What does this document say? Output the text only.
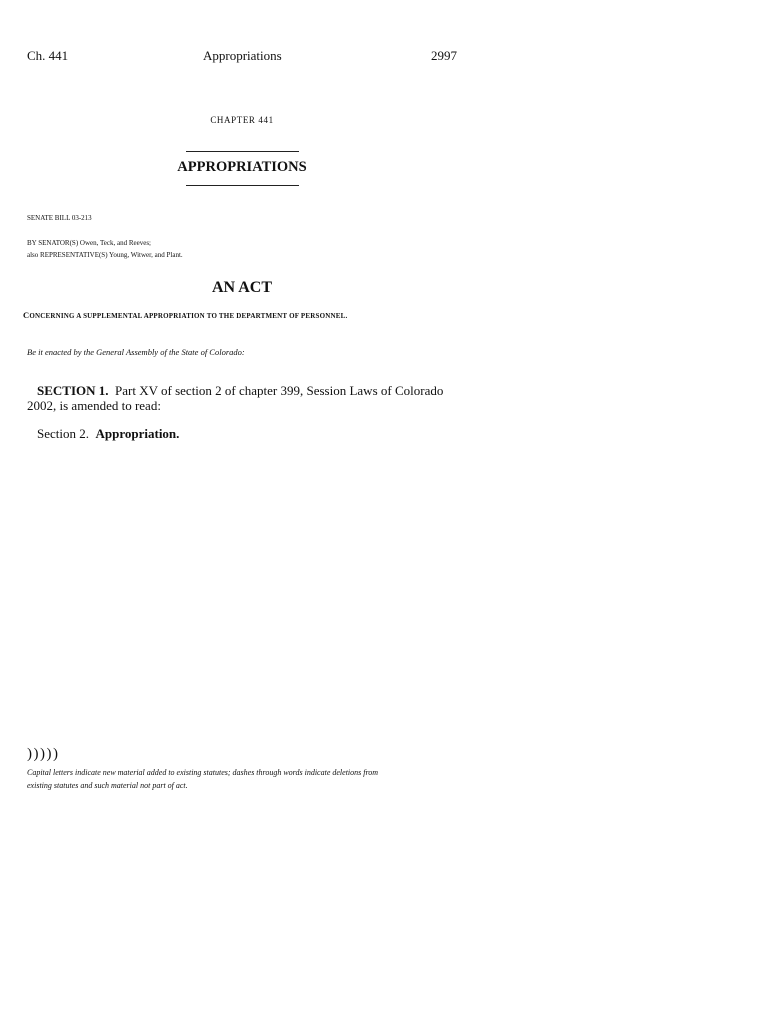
Ch. 441	Appropriations	2997
CHAPTER 441
APPROPRIATIONS
SENATE BILL 03-213
BY SENATOR(S) Owen, Teck, and Reeves;
also REPRESENTATIVE(S) Young, Witwer, and Plant.
AN ACT
CONCERNING A SUPPLEMENTAL APPROPRIATION TO THE DEPARTMENT OF PERSONNEL.
Be it enacted by the General Assembly of the State of Colorado:
SECTION 1. Part XV of section 2 of chapter 399, Session Laws of Colorado
2002, is amended to read:
Section 2. Appropriation.
)))))
Capital letters indicate new material added to existing statutes; dashes through words indicate deletions from
existing statutes and such material not part of act.
